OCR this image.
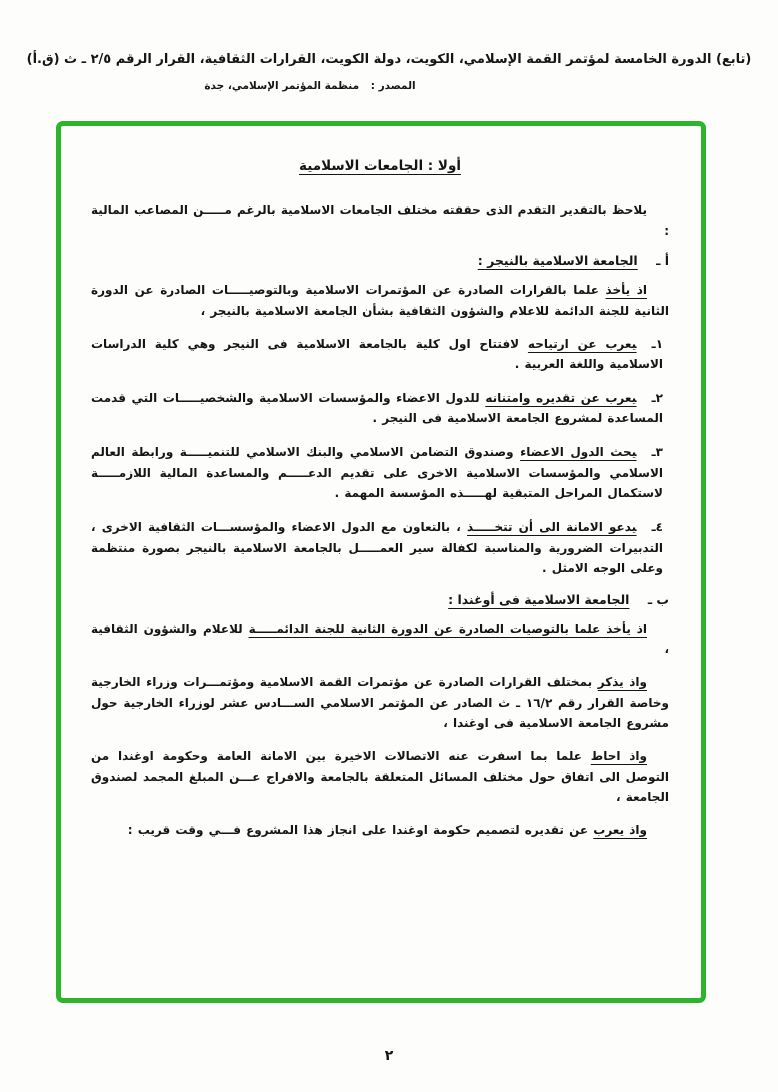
(تابع) الدورة الخامسة لمؤتمر القمة الإسلامي، الكويت، دولة الكويت، القرارات الثقافية، القرار الرقم ٢/٥ ـ ث (ق.أ)
المصدر : منظمة المؤتمر الإسلامي، جدة
أولا : الجامعات الاسلامية

يلاحظ بالتقدير التقدم الذى حققته مختلف الجامعات الاسلامية بالرغم مـــــن المصاعب المالية :

أ ـ الجامعة الاسلامية بالنيجر :

اذ يأخذ علما بالقرارات الصادرة عن المؤتمرات الاسلامية وبالتوصيـــــات الصادرة عن الدورة الثانية للجنة الدائمة للاعلام والشؤون الثقافية بشأن الجامعة الاسلامية بالنيجر ،

١ـيعرب عن ارتياحه لافتتاح اول كلية بالجامعة الاسلامية فى النيجر وهي كلية الدراسات الاسلامية واللغة العربية .

٢ـيعرب عن تقديره وامتنانه للدول الاعضاء والمؤسسات الاسلامية والشخصيـــــات التي قدمت المساعدة لمشروع الجامعة الاسلامية فى النيجر .

٣ـيحث الدول الاعضاء وصندوق التضامن الاسلامي والبنك الاسلامي للتنميـــــة ورابطة العالم الاسلامي والمؤسسات الاسلامية الاخرى على تقديم الدعـــــم والمساعدة المالية اللازمـــــة لاستكمال المراحل المتبقية لهـــــذه المؤسسة المهمة .

٤ـيدعو الامانة الى أن تتخـــــذ ، بالتعاون مع الدول الاعضاء والمؤسســـات الثقافية الاخرى ، التدبيرات الضرورية والمناسبة لكفالة سير العمـــــل بالجامعة الاسلامية بالنيجر بصورة منتظمة وعلى الوجه الامثل .

ب ـ الجامعة الاسلامية فى أوغندا :

اذ يأخذ علما بالتوصيات الصادرة عن الدورة الثانية للجنة الدائمـــــة للاعلام والشؤون الثقافية ،

واذ يذكر بمختلف القرارات الصادرة عن مؤتمرات القمة الاسلامية ومؤتمـــرات وزراء الخارجية وخاصة القرار رقم ١٦/٢ ـ ث الصادر عن المؤتمر الاسلامي الســـادس عشر لوزراء الخارجية حول مشروع الجامعة الاسلامية فى اوغندا ،

واذ احاط علما بما اسفرت عنه الاتصالات الاخيرة بين الامانة العامة وحكومة اوغندا من التوصل الى اتفاق حول مختلف المسائل المتعلقة بالجامعة والافراج عـــن المبلغ المجمد لصندوق الجامعة ،

واذ يعرب عن تقديره لتصميم حكومة اوغندا على انجاز هذا المشروع فـــي وقت قريب :

٢
